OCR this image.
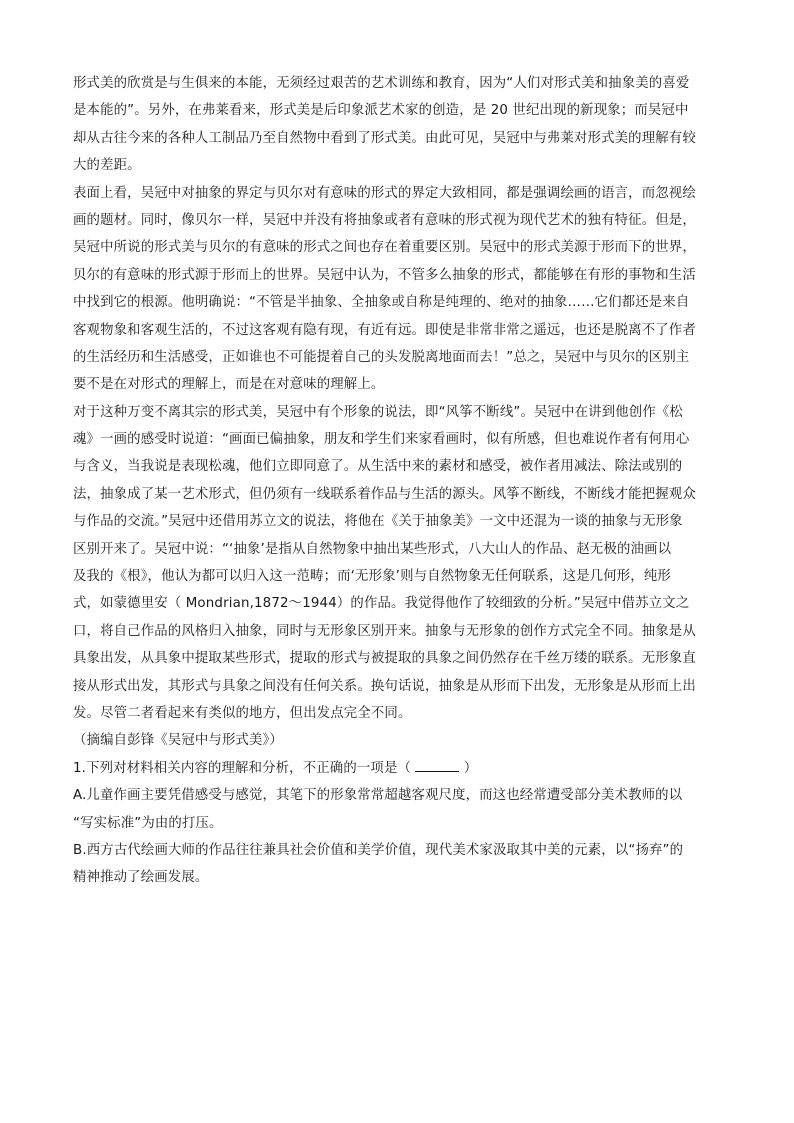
形式美的欣赏是与生俱来的本能，无须经过艰苦的艺术训练和教育，因为“人们对形式美和抽象美的喜爱
是本能的”。另外，在弗莱看来，形式美是后印象派艺术家的创造，是 20 世纪出现的新现象；而吴冠中
却从古往今来的各种人工制品乃至自然物中看到了形式美。由此可见，吴冠中与弗莱对形式美的理解有较
大的差距。
表面上看，吴冠中对抽象的界定与贝尔对有意味的形式的界定大致相同，都是强调绘画的语言，而忽视绘
画的题材。同时，像贝尔一样，吴冠中并没有将抽象或者有意味的形式视为现代艺术的独有特征。但是，
吴冠中所说的形式美与贝尔的有意味的形式之间也存在着重要区别。吴冠中的形式美源于形而下的世界，
贝尔的有意味的形式源于形而上的世界。吴冠中认为，不管多么抽象的形式，都能够在有形的事物和生活
中找到它的根源。他明确说：“不管是半抽象、全抽象或自称是纯理的、绝对的抽象……它们都还是来自
客观物象和客观生活的，不过这客观有隐有现，有近有远。即使是非常非常之遥远，也还是脱离不了作者
的生活经历和生活感受，正如谁也不可能提着自己的头发脱离地面而去！”总之，吴冠中与贝尔的区别主
要不是在对形式的理解上，而是在对意味的理解上。
对于这种万变不离其宗的形式美，吴冠中有个形象的说法，即“风筝不断线”。吴冠中在讲到他创作《松
魂》一画的感受时说道：“画面已偏抽象，朋友和学生们来家看画时，似有所感，但也难说作者有何用心
与含义，当我说是表现松魂，他们立即同意了。从生活中来的素材和感受，被作者用减法、除法或别的
法，抽象成了某一艺术形式，但仍须有一线联系着作品与生活的源头。风筝不断线，不断线才能把握观众
与作品的交流。”吴冠中还借用苏立文的说法，将他在《关于抽象美》一文中还混为一谈的抽象与无形象
区别开来了。吴冠中说：“‘抽象’是指从自然物象中抽出某些形式，八大山人的作品、赵无极的油画以
及我的《根》，他认为都可以归入这一范畴；而‘无形象’则与自然物象无任何联系，这是几何形，纯形
式，如蒙德里安（ Mondrian,1872～1944）的作品。我觉得他作了较细致的分析。”吴冠中借苏立文之
口，将自己作品的风格归入抽象，同时与无形象区别开来。抽象与无形象的创作方式完全不同。抽象是从
具象出发，从具象中提取某些形式，提取的形式与被提取的具象之间仍然存在千丝万缕的联系。无形象直
接从形式出发，其形式与具象之间没有任何关系。换句话说，抽象是从形而下出发，无形象是从形而上出
发。尽管二者看起来有类似的地方，但出发点完全不同。
（摘编自彭锋《吴冠中与形式美》）
1.下列对材料相关内容的理解和分析，不正确的一项是（	）
A.儿童作画主要凭借感受与感觉，其笔下的形象常常超越客观尺度，而这也经常遭受部分美术教师的以
“写实标准”为由的打压。
B.西方古代绘画大师的作品往往兼具社会价值和美学价值，现代美术家汲取其中美的元素，以“扬弃”的
精神推动了绘画发展。
